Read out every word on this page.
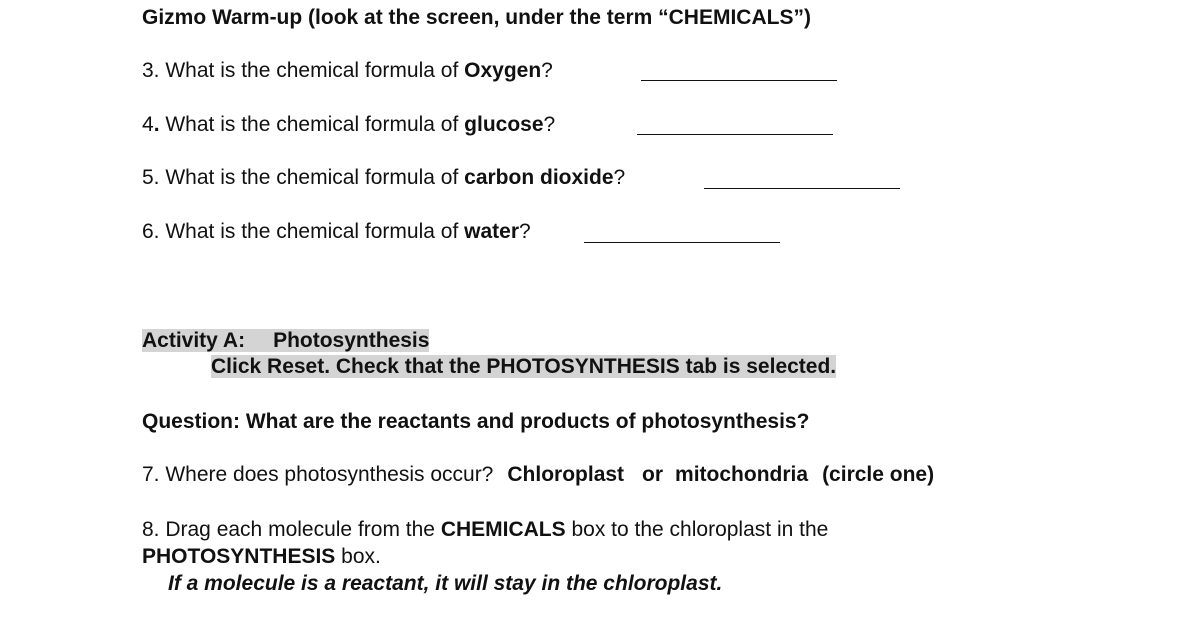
Gizmo Warm-up (look at the screen, under the term “CHEMICALS”)
3. What is the chemical formula of Oxygen?
4. What is the chemical formula of glucose?
5. What is the chemical formula of carbon dioxide?
6. What is the chemical formula of water?
Activity A: Photosynthesis
Click Reset. Check that the PHOTOSYNTHESIS tab is selected.
Question: What are the reactants and products of photosynthesis?
7. Where does photosynthesis occur? Chloroplast or mitochondria (circle one)
8. Drag each molecule from the CHEMICALS box to the chloroplast in the
PHOTOSYNTHESIS box.
If a molecule is a reactant, it will stay in the chloroplast.
